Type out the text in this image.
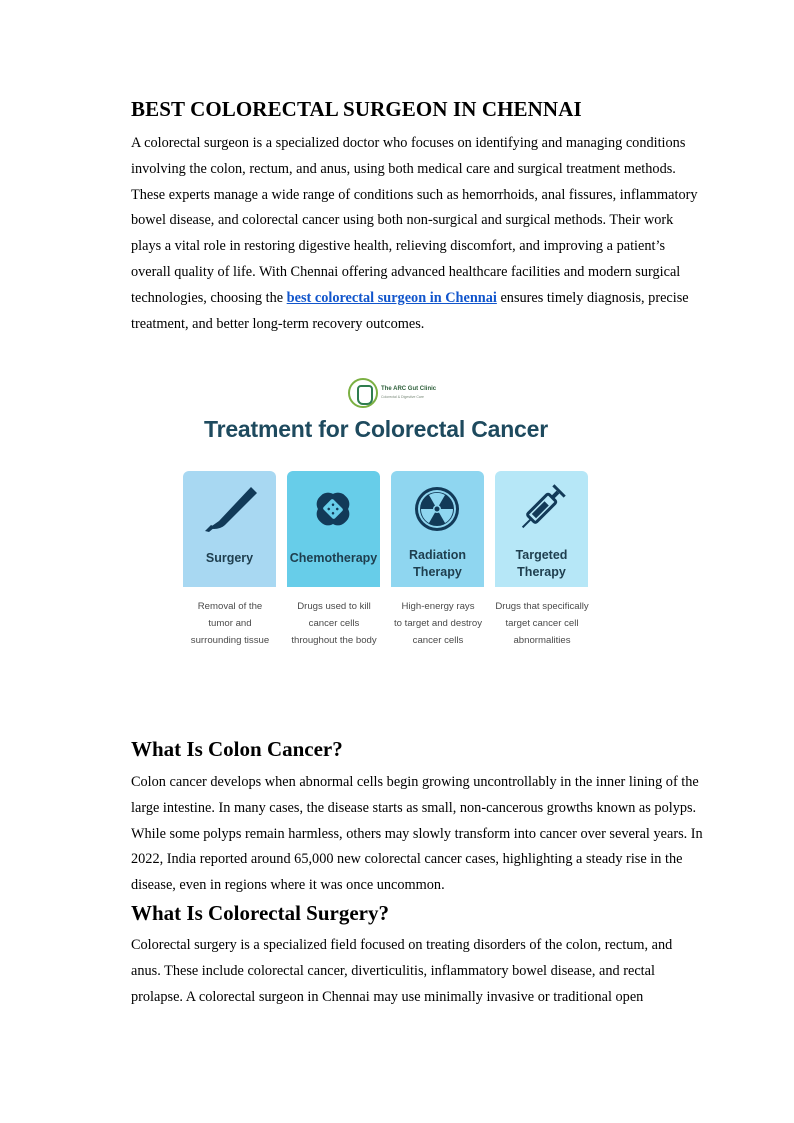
BEST COLORECTAL SURGEON IN CHENNAI

A colorectal surgeon is a specialized doctor who focuses on identifying and managing conditions involving the colon, rectum, and anus, using both medical care and surgical treatment methods. These experts manage a wide range of conditions such as hemorrhoids, anal fissures, inflammatory bowel disease, and colorectal cancer using both non-surgical and surgical methods. Their work plays a vital role in restoring digestive health, relieving discomfort, and improving a patient’s overall quality of life. With Chennai offering advanced healthcare facilities and modern surgical technologies, choosing the best colorectal surgeon in Chennai ensures timely diagnosis, precise treatment, and better long-term recovery outcomes.

The ARC Gut Clinic
Colorectal & Digestive Care
Treatment for Colorectal Cancer
Surgery	Chemotherapy	Radiation
Therapy
Targeted
Therapy
Removal of the
tumor and
surrounding tissue
Drugs used to kill
cancer cells
throughout the body
High-energy rays
to target and destroy
cancer cells
Drugs that specifically
target cancer cell
abnormalities
What Is Colon Cancer?

Colon cancer develops when abnormal cells begin growing uncontrollably in the inner lining of the large intestine. In many cases, the disease starts as small, non-cancerous growths known as polyps. While some polyps remain harmless, others may slowly transform into cancer over several years. In 2022, India reported around 65,000 new colorectal cancer cases, highlighting a steady rise in the disease, even in regions where it was once uncommon.

What Is Colorectal Surgery?

Colorectal surgery is a specialized field focused on treating disorders of the colon, rectum, and anus. These include colorectal cancer, diverticulitis, inflammatory bowel disease, and rectal prolapse. A colorectal surgeon in Chennai may use minimally invasive or traditional open
